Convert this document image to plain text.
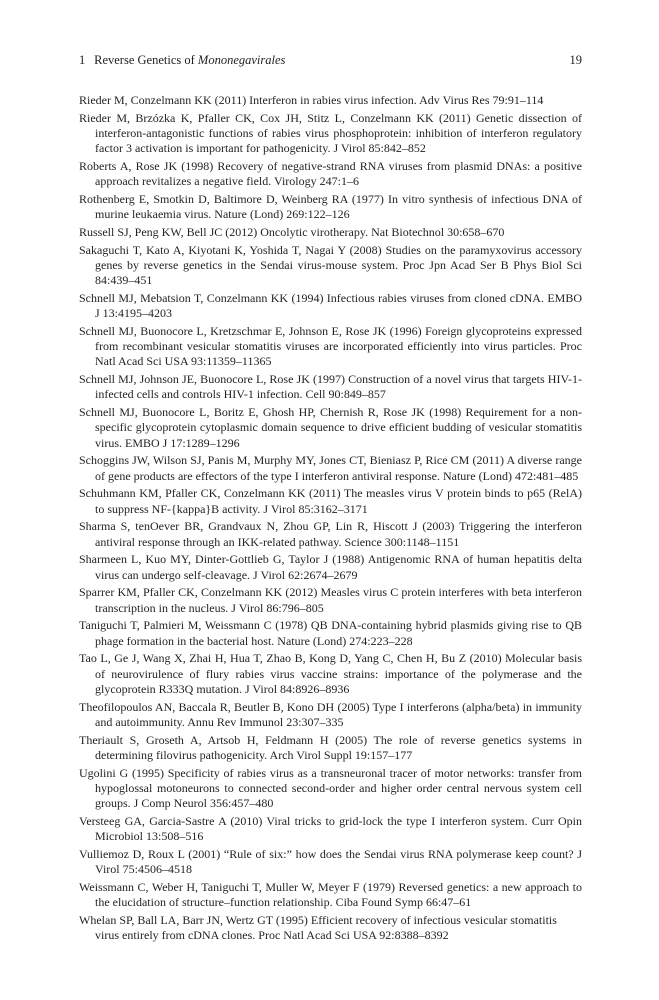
1 Reverse Genetics of Mononegavirales	19

Rieder M, Conzelmann KK (2011) Interferon in rabies virus infection. Adv Virus Res 79:91–114

Rieder M, Brzózka K, Pfaller CK, Cox JH, Stitz L, Conzelmann KK (2011) Genetic dissection of interferon-antagonistic functions of rabies virus phosphoprotein: inhibition of interferon regulatory factor 3 activation is important for pathogenicity. J Virol 85:842–852

Roberts A, Rose JK (1998) Recovery of negative-strand RNA viruses from plasmid DNAs: a positive approach revitalizes a negative field. Virology 247:1–6

Rothenberg E, Smotkin D, Baltimore D, Weinberg RA (1977) In vitro synthesis of infectious DNA of murine leukaemia virus. Nature (Lond) 269:122–126

Russell SJ, Peng KW, Bell JC (2012) Oncolytic virotherapy. Nat Biotechnol 30:658–670

Sakaguchi T, Kato A, Kiyotani K, Yoshida T, Nagai Y (2008) Studies on the paramyxovirus accessory genes by reverse genetics in the Sendai virus-mouse system. Proc Jpn Acad Ser B Phys Biol Sci 84:439–451

Schnell MJ, Mebatsion T, Conzelmann KK (1994) Infectious rabies viruses from cloned cDNA. EMBO J 13:4195–4203

Schnell MJ, Buonocore L, Kretzschmar E, Johnson E, Rose JK (1996) Foreign glycoproteins expressed from recombinant vesicular stomatitis viruses are incorporated efficiently into virus particles. Proc Natl Acad Sci USA 93:11359–11365

Schnell MJ, Johnson JE, Buonocore L, Rose JK (1997) Construction of a novel virus that targets HIV-1-infected cells and controls HIV-1 infection. Cell 90:849–857

Schnell MJ, Buonocore L, Boritz E, Ghosh HP, Chernish R, Rose JK (1998) Requirement for a non-specific glycoprotein cytoplasmic domain sequence to drive efficient budding of vesicular stomatitis virus. EMBO J 17:1289–1296

Schoggins JW, Wilson SJ, Panis M, Murphy MY, Jones CT, Bieniasz P, Rice CM (2011) A diverse range of gene products are effectors of the type I interferon antiviral response. Nature (Lond) 472:481–485

Schuhmann KM, Pfaller CK, Conzelmann KK (2011) The measles virus V protein binds to p65 (RelA) to suppress NF-{kappa}B activity. J Virol 85:3162–3171

Sharma S, tenOever BR, Grandvaux N, Zhou GP, Lin R, Hiscott J (2003) Triggering the interferon antiviral response through an IKK-related pathway. Science 300:1148–1151

Sharmeen L, Kuo MY, Dinter-Gottlieb G, Taylor J (1988) Antigenomic RNA of human hepatitis delta virus can undergo self-cleavage. J Virol 62:2674–2679

Sparrer KM, Pfaller CK, Conzelmann KK (2012) Measles virus C protein interferes with beta interferon transcription in the nucleus. J Virol 86:796–805

Taniguchi T, Palmieri M, Weissmann C (1978) QB DNA-containing hybrid plasmids giving rise to QB phage formation in the bacterial host. Nature (Lond) 274:223–228

Tao L, Ge J, Wang X, Zhai H, Hua T, Zhao B, Kong D, Yang C, Chen H, Bu Z (2010) Molecular basis of neurovirulence of flury rabies virus vaccine strains: importance of the polymerase and the glycoprotein R333Q mutation. J Virol 84:8926–8936

Theofilopoulos AN, Baccala R, Beutler B, Kono DH (2005) Type I interferons (alpha/beta) in immunity and autoimmunity. Annu Rev Immunol 23:307–335

Theriault S, Groseth A, Artsob H, Feldmann H (2005) The role of reverse genetics systems in determining filovirus pathogenicity. Arch Virol Suppl 19:157–177

Ugolini G (1995) Specificity of rabies virus as a transneuronal tracer of motor networks: transfer from hypoglossal motoneurons to connected second-order and higher order central nervous system cell groups. J Comp Neurol 356:457–480

Versteeg GA, Garcia-Sastre A (2010) Viral tricks to grid-lock the type I interferon system. Curr Opin Microbiol 13:508–516

Vulliemoz D, Roux L (2001) “Rule of six:” how does the Sendai virus RNA polymerase keep count? J Virol 75:4506–4518

Weissmann C, Weber H, Taniguchi T, Muller W, Meyer F (1979) Reversed genetics: a new approach to the elucidation of structure–function relationship. Ciba Found Symp 66:47–61

Whelan SP, Ball LA, Barr JN, Wertz GT (1995) Efficient recovery of infectious vesicular stomatitis virus entirely from cDNA clones. Proc Natl Acad Sci USA 92:8388–8392
